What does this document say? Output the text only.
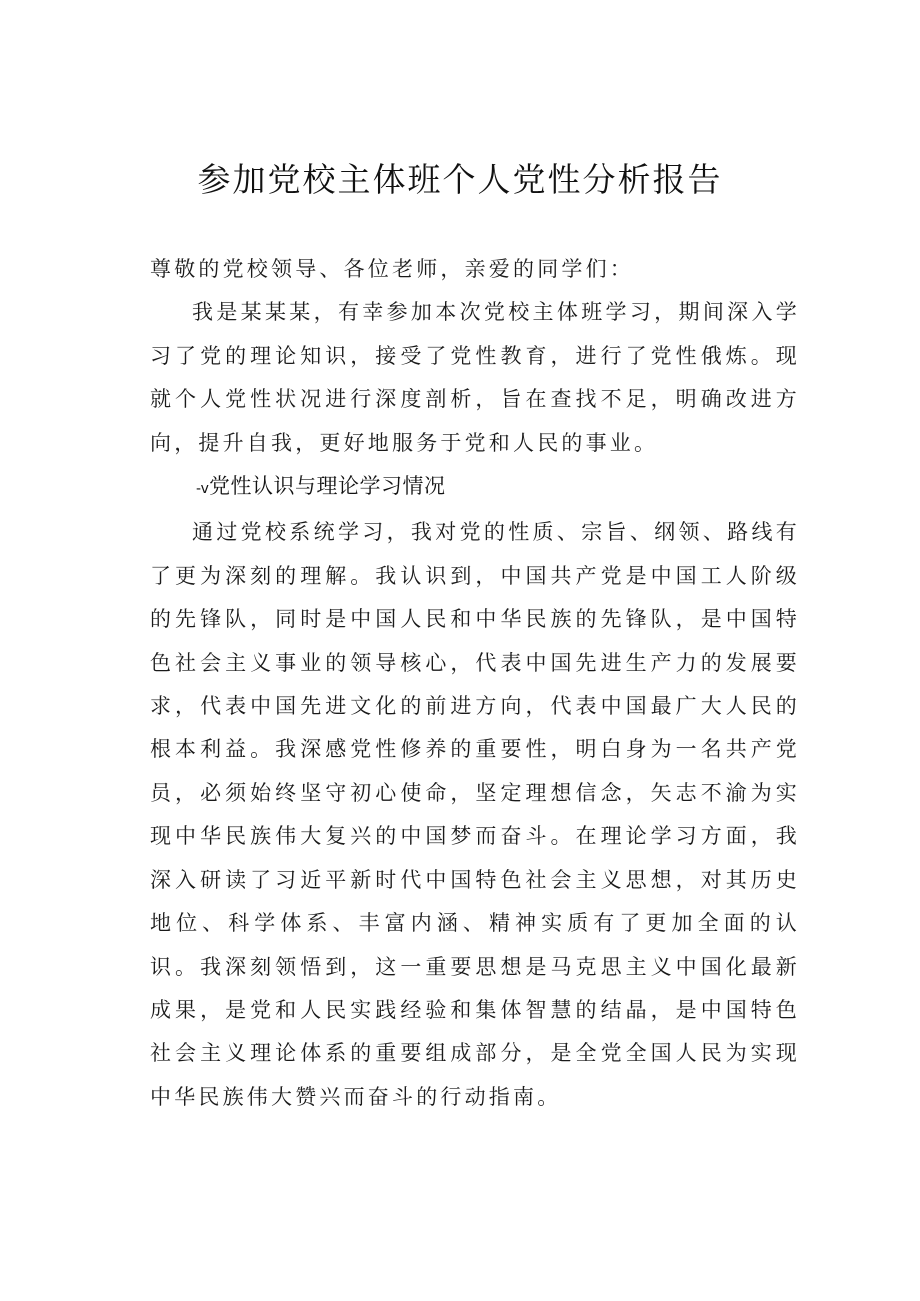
参加党校主体班个人党性分析报告

尊敬的党校领导、各位老师，亲爱的同学们：

我是某某某，有幸参加本次党校主体班学习，期间深入学习了党的理论知识，接受了党性教育，进行了党性俄炼。现就个人党性状况进行深度剖析，旨在查找不足，明确改进方向，提升自我，更好地服务于党和人民的事业。

-v党性认识与理论学习情况

通过党校系统学习，我对党的性质、宗旨、纲领、路线有了更为深刻的理解。我认识到，中国共产党是中国工人阶级的先锋队，同时是中国人民和中华民族的先锋队，是中国特色社会主义事业的领导核心，代表中国先进生产力的发展要求，代表中国先进文化的前进方向，代表中国最广大人民的根本利益。我深感党性修养的重要性，明白身为一名共产党员，必须始终坚守初心使命，坚定理想信念，矢志不渝为实现中华民族伟大复兴的中国梦而奋斗。在理论学习方面，我深入研读了习近平新时代中国特色社会主义思想，对其历史地位、科学体系、丰富内涵、精神实质有了更加全面的认识。我深刻领悟到，这一重要思想是马克思主义中国化最新成果，是党和人民实践经验和集体智慧的结晶，是中国特色社会主义理论体系的重要组成部分，是全党全国人民为实现中华民族伟大赞兴而奋斗的行动指南。
